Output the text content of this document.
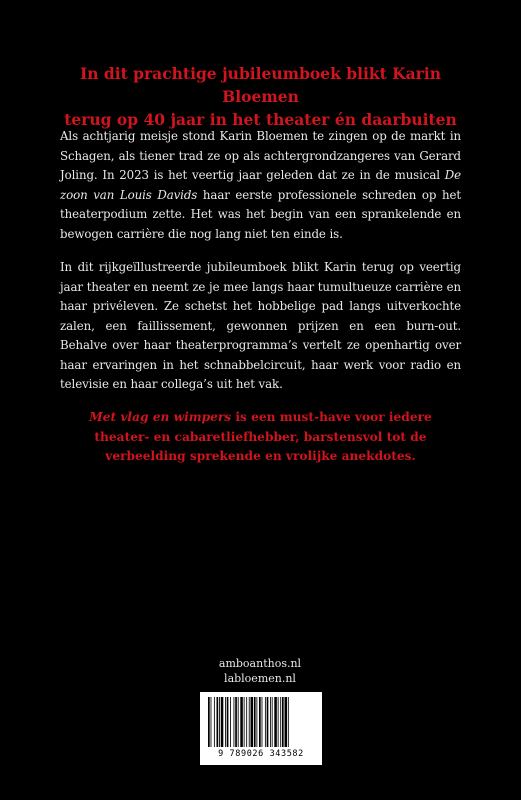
In dit prachtige jubileumboek blikt Karin Bloemen
terug op 40 jaar in het theater én daarbuiten

Als achtjarig meisje stond Karin Bloemen te zingen op de markt in Schagen, als tiener trad ze op als achtergrondzangeres van Gerard Joling. In 2023 is het veertig jaar geleden dat ze in de musical De zoon van Louis Davids haar eerste professionele schreden op het theaterpodium zette. Het was het begin van een sprankelende en bewogen carrière die nog lang niet ten einde is.

In dit rijkgeïllustreerde jubileumboek blikt Karin terug op veertig jaar theater en neemt ze je mee langs haar tumultueuze carrière en haar privéleven. Ze schetst het hobbelige pad langs uitverkochte zalen, een faillissement, gewonnen prijzen en een burn-out. Behalve over haar theaterprogramma’s vertelt ze openhartig over haar ervaringen in het schnabbelcircuit, haar werk voor radio en televisie en haar collega’s uit het vak.

Met vlag en wimpers is een must-have voor iedere theater- en cabaretliefhebber, barstensvol tot de verbeelding sprekende en vrolijke anekdotes.

amboanthos.nl
labloemen.nl
9 789026 343582
